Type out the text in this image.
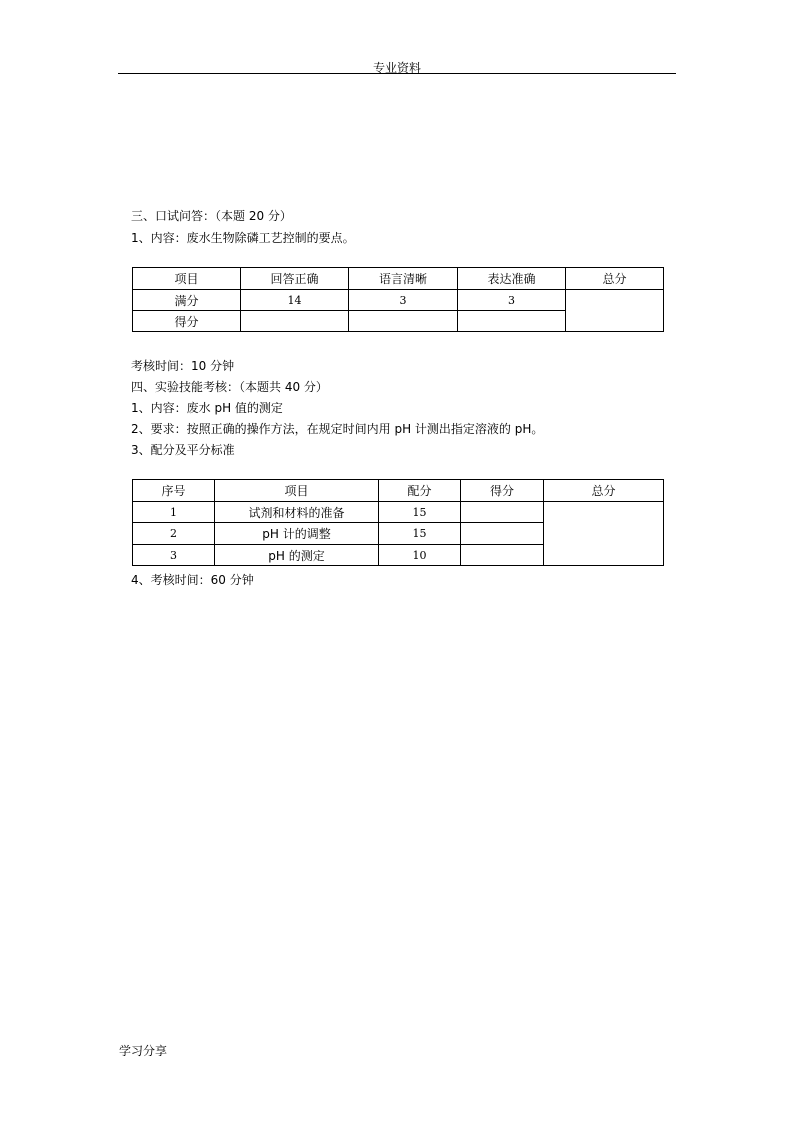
专业资料
三、口试问答：（本题 20 分）
1、内容：废水生物除磷工艺控制的要点。
项目	回答正确	语言清晰	表达准确	总分
满分	14	3	3	
得分				
考核时间：10 分钟
四、实验技能考核：（本题共 40 分）
1、内容：废水 pH 值的测定
2、要求：按照正确的操作方法，在规定时间内用 pH 计测出指定溶液的 pH。
3、配分及平分标准
序号	项目	配分	得分	总分
1	试剂和材料的准备	15		
2	pH 计的调整	15		
3	pH 的测定	10		
4、考核时间：60 分钟
学习分享
